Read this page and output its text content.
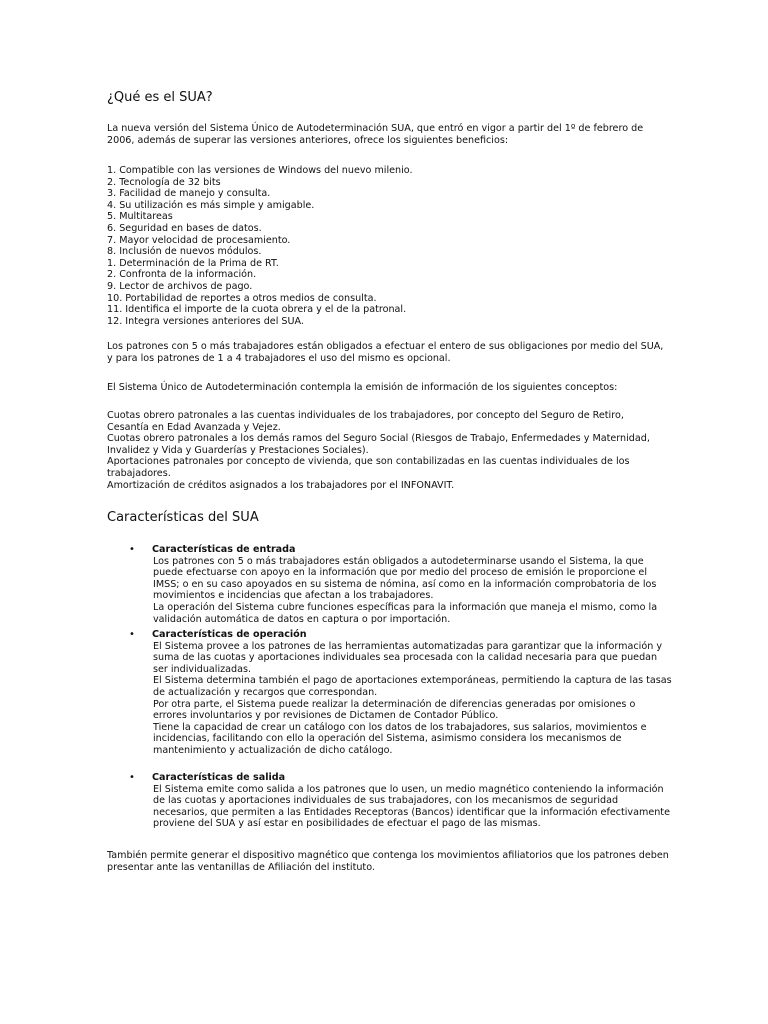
¿Qué es el SUA?
La nueva versión del Sistema Único de Autodeterminación SUA, que entró en vigor a partir del 1º de febrero de
2006, además de superar las versiones anteriores, ofrece los siguientes beneficios:
1. Compatible con las versiones de Windows del nuevo milenio.
2. Tecnología de 32 bits
3. Facilidad de manejo y consulta.
4. Su utilización es más simple y amigable.
5. Multitareas
6. Seguridad en bases de datos.
7. Mayor velocidad de procesamiento.
8. Inclusión de nuevos módulos.
1. Determinación de la Prima de RT.
2. Confronta de la información.
9. Lector de archivos de pago.
10. Portabilidad de reportes a otros medios de consulta.
11. Identifica el importe de la cuota obrera y el de la patronal.
12. Integra versiones anteriores del SUA.
Los patrones con 5 o más trabajadores están obligados a efectuar el entero de sus obligaciones por medio del SUA,
y para los patrones de 1 a 4 trabajadores el uso del mismo es opcional.
El Sistema Único de Autodeterminación contempla la emisión de información de los siguientes conceptos:
Cuotas obrero patronales a las cuentas individuales de los trabajadores, por concepto del Seguro de Retiro,
Cesantía en Edad Avanzada y Vejez.
Cuotas obrero patronales a los demás ramos del Seguro Social (Riesgos de Trabajo, Enfermedades y Maternidad,
Invalidez y Vida y Guarderías y Prestaciones Sociales).
Aportaciones patronales por concepto de vivienda, que son contabilizadas en las cuentas individuales de los
trabajadores.
Amortización de créditos asignados a los trabajadores por el INFONAVIT.
Características del SUA
• Características de entrada
Los patrones con 5 o más trabajadores están obligados a autodeterminarse usando el Sistema, la que
puede efectuarse con apoyo en la información que por medio del proceso de emisión le proporcione el
IMSS; o en su caso apoyados en su sistema de nómina, así como en la información comprobatoria de los
movimientos e incidencias que afectan a los trabajadores.
La operación del Sistema cubre funciones específicas para la información que maneja el mismo, como la
validación automática de datos en captura o por importación.
• Características de operación
El Sistema provee a los patrones de las herramientas automatizadas para garantizar que la información y
suma de las cuotas y aportaciones individuales sea procesada con la calidad necesaria para que puedan
ser individualizadas.
El Sistema determina también el pago de aportaciones extemporáneas, permitiendo la captura de las tasas
de actualización y recargos que correspondan.
Por otra parte, el Sistema puede realizar la determinación de diferencias generadas por omisiones o
errores involuntarios y por revisiones de Dictamen de Contador Público.
Tiene la capacidad de crear un catálogo con los datos de los trabajadores, sus salarios, movimientos e
incidencias, facilitando con ello la operación del Sistema, asimismo considera los mecanismos de
mantenimiento y actualización de dicho catálogo.
• Características de salida
El Sistema emite como salida a los patrones que lo usen, un medio magnético conteniendo la información
de las cuotas y aportaciones individuales de sus trabajadores, con los mecanismos de seguridad
necesarios, que permiten a las Entidades Receptoras (Bancos) identificar que la información efectivamente
proviene del SUA y así estar en posibilidades de efectuar el pago de las mismas.
También permite generar el dispositivo magnético que contenga los movimientos afiliatorios que los patrones deben
presentar ante las ventanillas de Afiliación del instituto.
